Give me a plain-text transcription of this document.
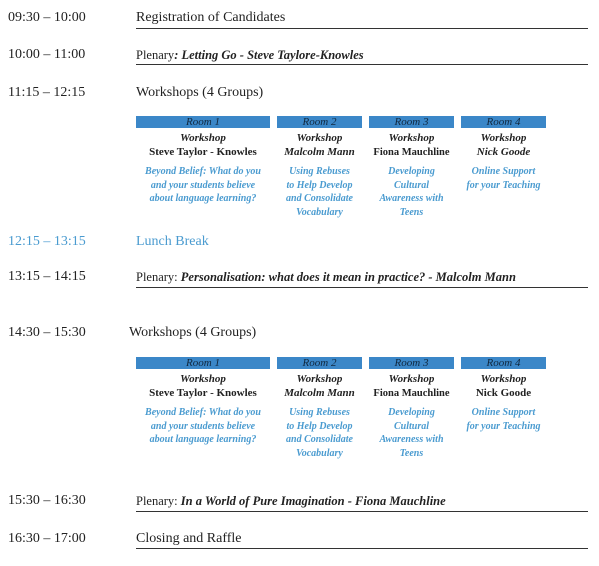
09:30 – 10:00	Registration of Candidates
10:00 – 11:00	Plenary: Letting Go - Steve Taylore-Knowles
11:15 – 12:15	Workshops (4 Groups)
Room 1
Workshop
Steve Taylor - Knowles
Beyond Belief: What do you
and your students believe
about language learning?
Room 2
Workshop
Malcolm Mann
Using Rebuses
to Help Develop
and Consolidate
Vocabulary
Room 3
Workshop
Fiona Mauchline
Developing
Cultural
Awareness with
Teens
Room 4
Workshop
Nick Goode
Online Support
for your Teaching
12:15 – 13:15	Lunch Break
13:15 – 14:15	Plenary: Personalisation: what does it mean in practice? - Malcolm Mann
14:30 – 15:30	Workshops (4 Groups)
Room 1
Workshop
Steve Taylor - Knowles
Beyond Belief: What do you
and your students believe
about language learning?
Room 2
Workshop
Malcolm Mann
Using Rebuses
to Help Develop
and Consolidate
Vocabulary
Room 3
Workshop
Fiona Mauchline
Developing
Cultural
Awareness with
Teens
Room 4
Workshop
Nick Goode
Online Support
for your Teaching
15:30 – 16:30	Plenary: In a World of Pure Imagination - Fiona Mauchline
16:30 – 17:00	Closing and Raffle
